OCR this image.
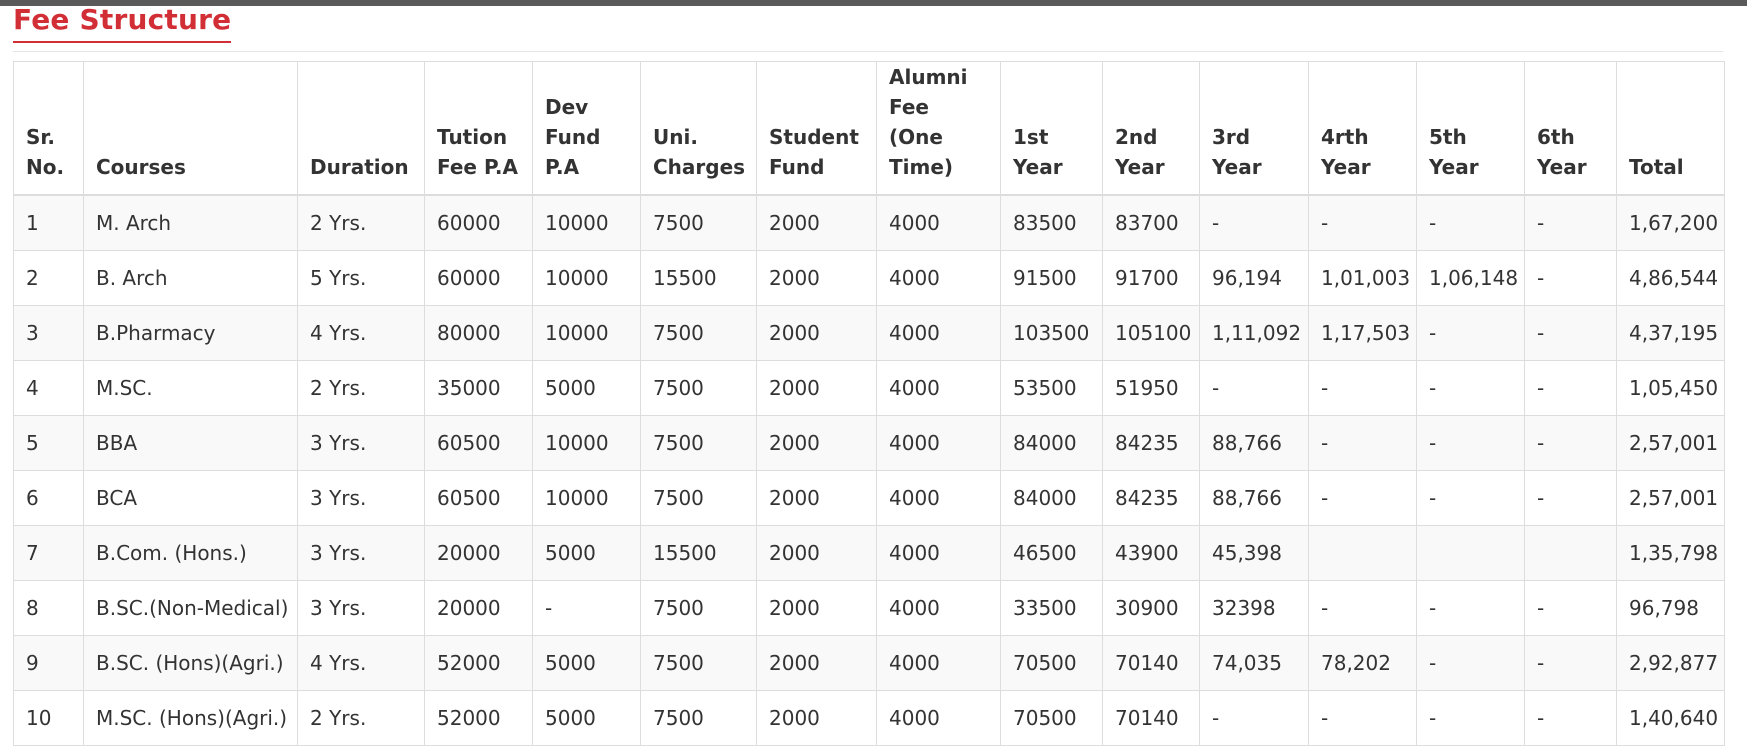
Fee Structure
Sr. No.	Courses	Duration	Tution Fee P.A	Dev Fund P.A	Uni. Charges	Student Fund	Alumni Fee (One Time)	1st Year	2nd Year	3rd Year	4rth Year	5th Year	6th Year	Total
1	M. Arch	2 Yrs.	60000	10000	7500	2000	4000	83500	83700	-	-	-	-	1,67,200
2	B. Arch	5 Yrs.	60000	10000	15500	2000	4000	91500	91700	96,194	1,01,003	1,06,148	-	4,86,544
3	B.Pharmacy	4 Yrs.	80000	10000	7500	2000	4000	103500	105100	1,11,092	1,17,503	-	-	4,37,195
4	M.SC.	2 Yrs.	35000	5000	7500	2000	4000	53500	51950	-	-	-	-	1,05,450
5	BBA	3 Yrs.	60500	10000	7500	2000	4000	84000	84235	88,766	-	-	-	2,57,001
6	BCA	3 Yrs.	60500	10000	7500	2000	4000	84000	84235	88,766	-	-	-	2,57,001
7	B.Com. (Hons.)	3 Yrs.	20000	5000	15500	2000	4000	46500	43900	45,398				1,35,798
8	B.SC.(Non-Medical)	3 Yrs.	20000	-	7500	2000	4000	33500	30900	32398	-	-	-	96,798
9	B.SC. (Hons)(Agri.)	4 Yrs.	52000	5000	7500	2000	4000	70500	70140	74,035	78,202	-	-	2,92,877
10	M.SC. (Hons)(Agri.)	2 Yrs.	52000	5000	7500	2000	4000	70500	70140	-	-	-	-	1,40,640
